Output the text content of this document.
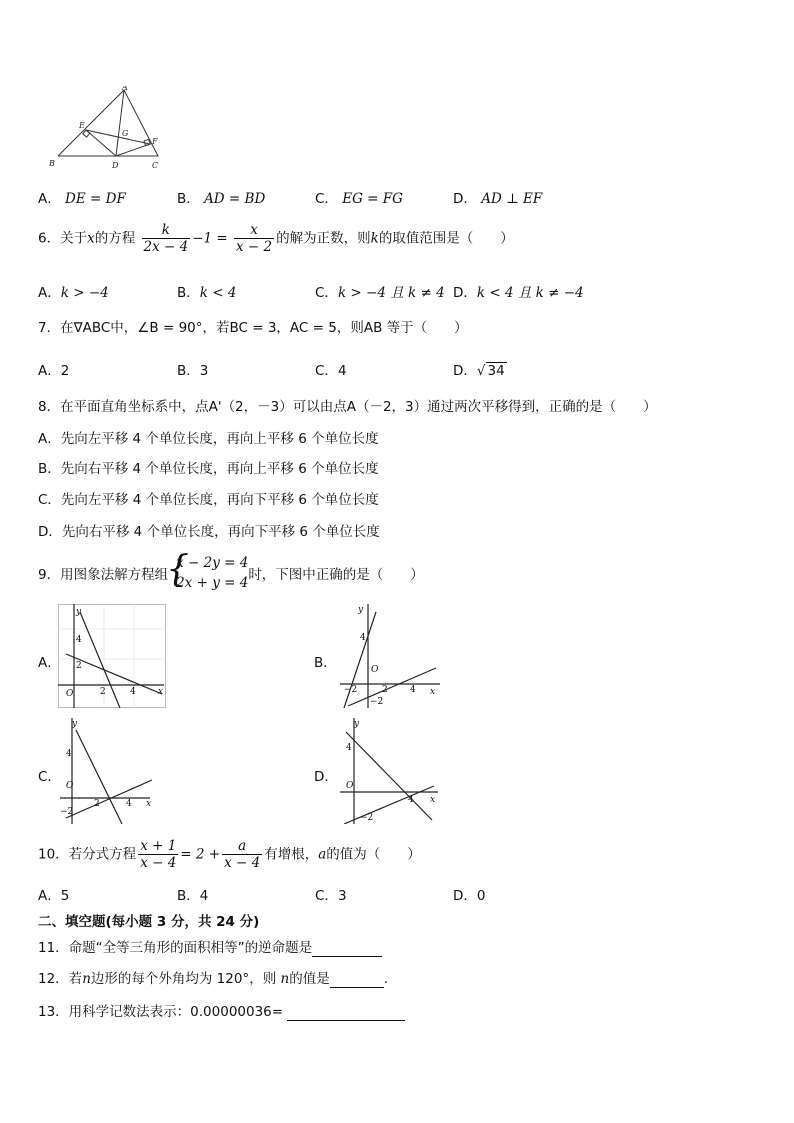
A
E
G
F
B	D	C
A． DE = DF	B． AD = BD	C． EG = FG	D． AD ⊥ EF
6．关于x的方程 $\frac{k}{2x - 4} -1 = \frac{x}{x - 2}$ 的解为正数，则k的取值范围是（　　）
A．k > −4	B．k < 4	C．k > −4 且 k ≠ 4 D．k < 4 且 k ≠ −4
7．在∇ABC中，∠B = 90°，若BC = 3，AC = 5，则AB 等于（　　）
A．2	B．3	C．4	D．√ 34
8．在平面直角坐标系中，点A'（2，－3）可以由点A（－2，3）通过两次平移得到，正确的是（　　）
A．先向左平移 4 个单位长度，再向上平移 6 个单位长度
B．先向右平移 4 个单位长度，再向上平移 6 个单位长度
C．先向左平移 4 个单位长度，再向下平移 6 个单位长度
D．先向右平移 4 个单位长度，再向下平移 6 个单位长度
9．用图象法解方程组
{
x − 2y = 4
2x + y = 4 时，下图中正确的是（　　）
A．	B．
C．	D．
y
x
O
4
2
2	4
y
x
O
4
−2	2 4
−2
y
x
O
4
−2
2	4
y
x
O
4
−2
4
10．若分式方程 $\frac{x + 1}{x - 4} = 2 + \frac{a}{x - 4}$ 有增根，a的值为（　　）
A．5	B．4	C．3	D．0
二、填空题(每小题 3 分，共 24 分)
11．命题“全等三角形的面积相等”的逆命题是
12．若n边形的每个外角均为 120°，则 n的值是	.
13．用科学记数法表示：0.00000036=
